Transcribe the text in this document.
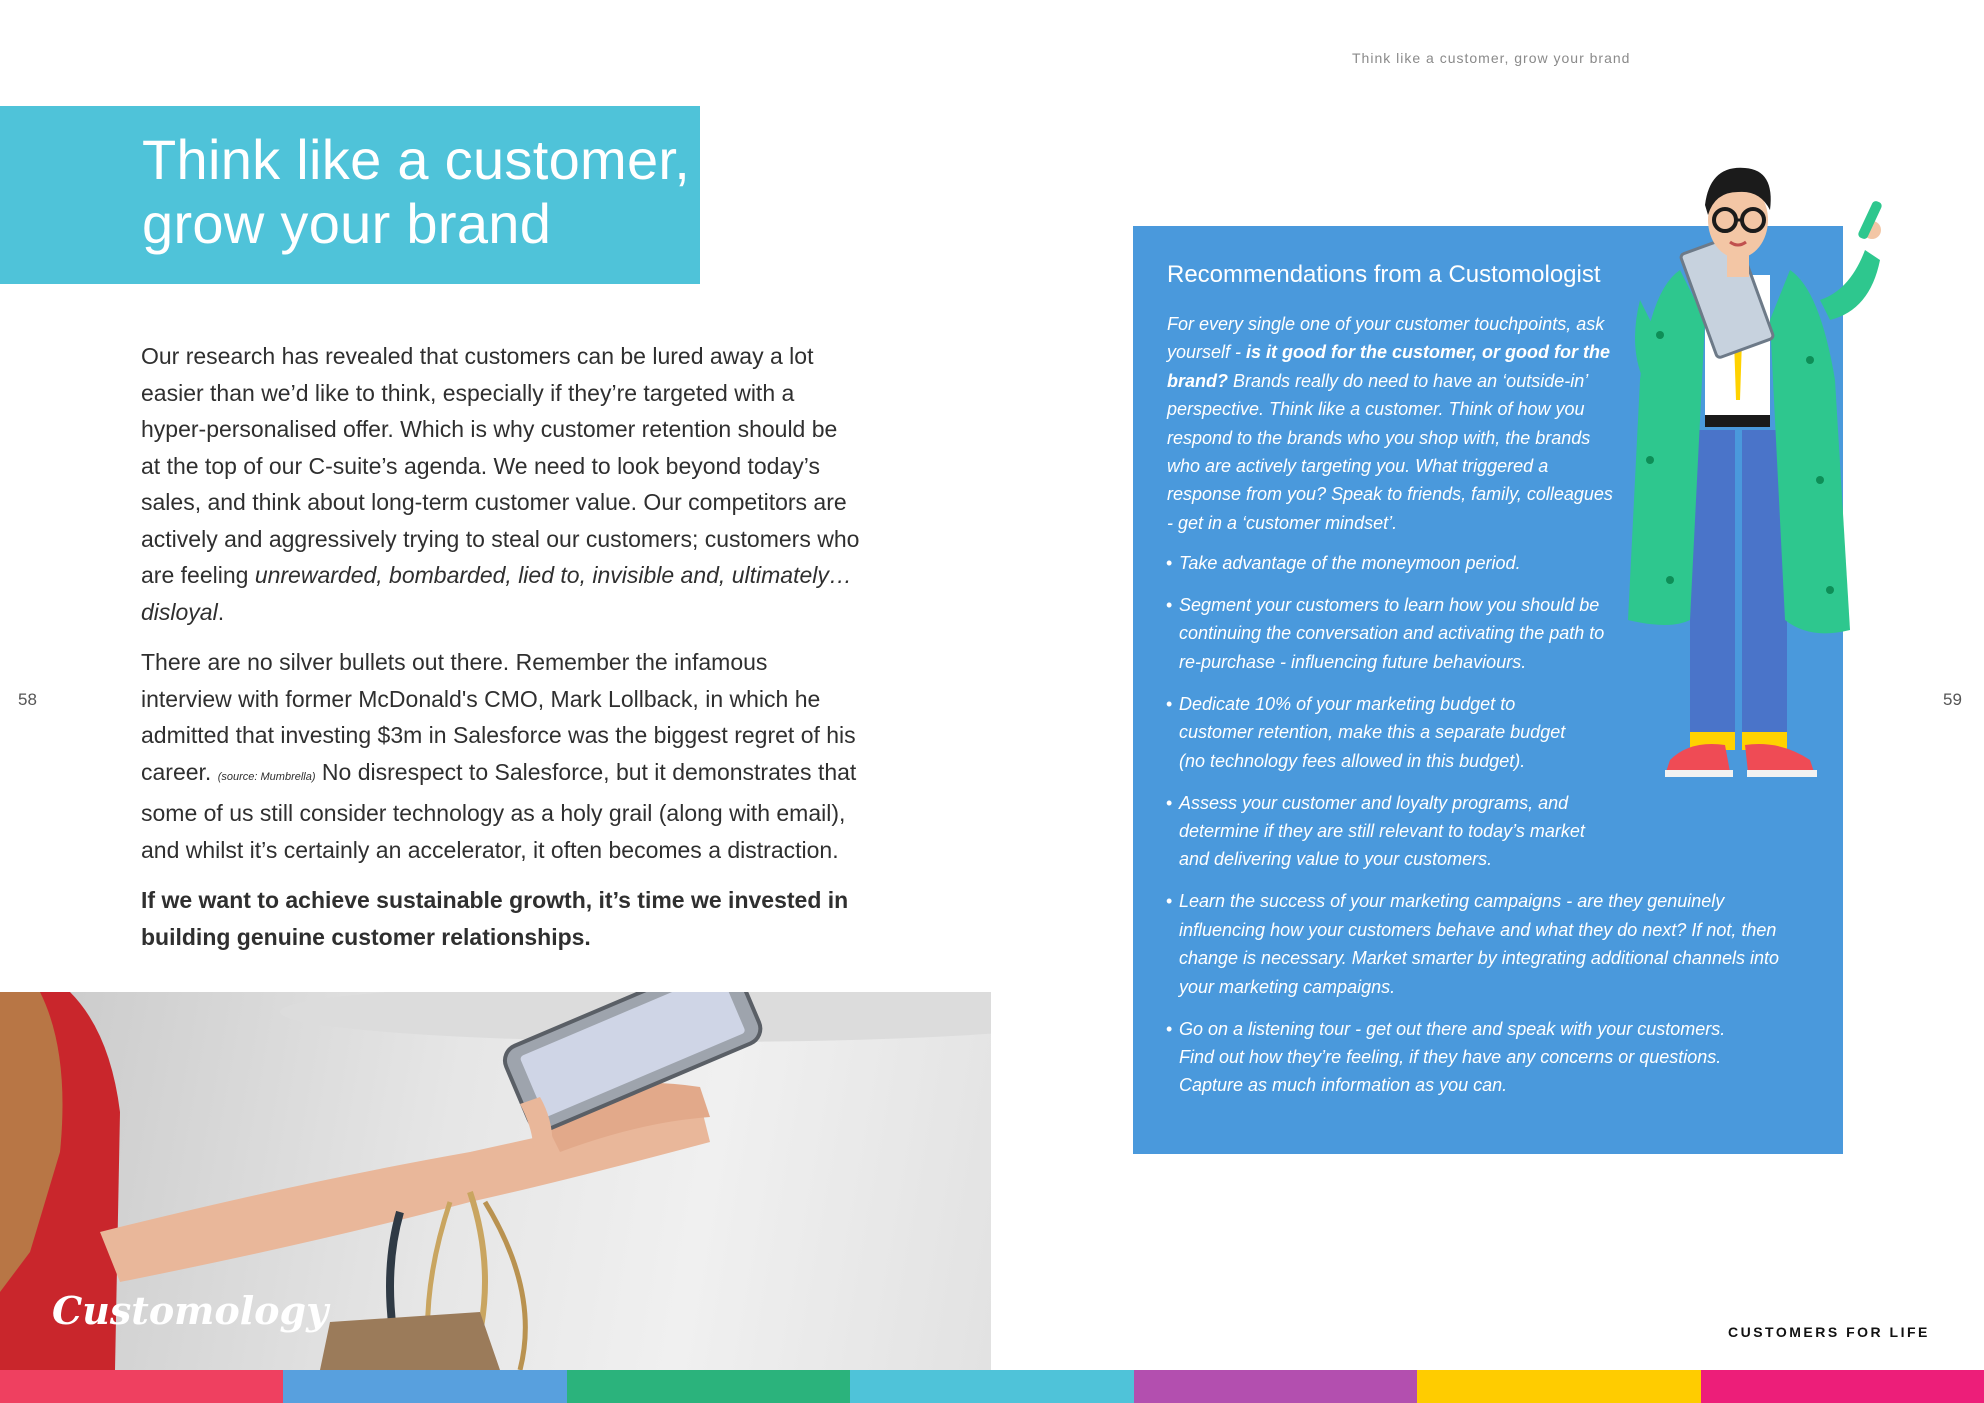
Think like a customer, grow your brand
Think like a customer,
grow your brand

Our research has revealed that customers can be lured away a lot easier than we’d like to think, especially if they’re targeted with a hyper-personalised offer. Which is why customer retention should be at the top of our C-suite’s agenda. We need to look beyond today’s sales, and think about long-term customer value. Our competitors are actively and aggressively trying to steal our customers; customers who are feeling unrewarded, bombarded, lied to, invisible and, ultimately…disloyal.

There are no silver bullets out there. Remember the infamous interview with former McDonald's CMO, Mark Lollback, in which he admitted that investing $3m in Salesforce was the biggest regret of his career. (source: Mumbrella) No disrespect to Salesforce, but it demonstrates that some of us still consider technology as a holy grail (along with email), and whilst it’s certainly an accelerator, it often becomes a distraction.

If we want to achieve sustainable growth, it’s time we invested in building genuine customer relationships.

58	59
Customology
Recommendations from a Customologist
For every single one of your customer touchpoints, ask yourself - is it good for the customer, or good for the brand? Brands really do need to have an ‘outside-in’ perspective. Think like a customer. Think of how you respond to the brands who you shop with, the brands who are actively targeting you. What triggered a response from you? Speak to friends, family, colleagues - get in a ‘customer mindset’.
• Take advantage of the moneymoon period.
• Segment your customers to learn how you should be continuing the conversation and activating the path to re-purchase - influencing future behaviours.
• Dedicate 10% of your marketing budget to customer retention, make this a separate budget (no technology fees allowed in this budget).
• Assess your customer and loyalty programs, and determine if they are still relevant to today’s market and delivering value to your customers.
• Learn the success of your marketing campaigns - are they genuinely influencing how your customers behave and what they do next? If not, then change is necessary. Market smarter by integrating additional channels into your marketing campaigns.
• Go on a listening tour - get out there and speak with your customers. Find out how they’re feeling, if they have any concerns or questions. Capture as much information as you can.
CUSTOMERS FOR LIFE
